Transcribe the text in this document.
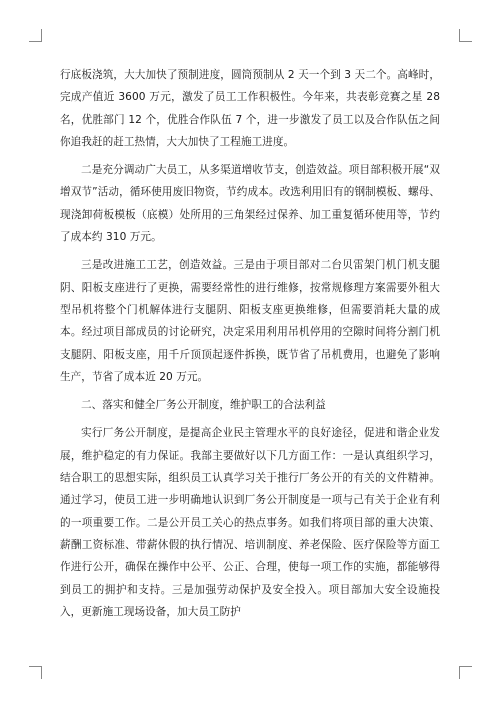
行底板浇筑，大大加快了预制进度，圆筒预制从 2 天一个到 3 天二个。高峰时，完成产值近 3600 万元，激发了员工工作积极性。今年来，共表彰竞赛之星 28 名，优胜部门 12 个，优胜合作队伍 7 个，进一步激发了员工以及合作队伍之间你追我赶的赶工热情，大大加快了工程施工进度。

二是充分调动广大员工，从多渠道增收节支，创造效益。项目部积极开展“双增双节”活动，循环使用废旧物资，节约成本。改选利用旧有的钢制模板、螺母、现浇卸荷板模板（底模）处所用的三角架经过保养、加工重复循环使用等，节约了成本约 310 万元。

三是改进施工工艺，创造效益。三是由于项目部对二台贝雷架门机门机支腿阴、阳板支座进行了更换，需要经常性的进行维修，按常规修理方案需要外租大型吊机将整个门机解体进行支腿阴、阳板支座更换维修，但需要消耗大量的成本。经过项目部成员的讨论研究，决定采用利用吊机停用的空隙时间将分割门机支腿阴、阳板支座，用千斤顶顶起逐件拆换，既节省了吊机费用，也避免了影响生产，节省了成本近 20 万元。

二、落实和健全厂务公开制度，维护职工的合法利益

实行厂务公开制度，是提高企业民主管理水平的良好途径，促进和谐企业发展，维护稳定的有力保证。我部主要做好以下几方面工作：一是认真组织学习，结合职工的思想实际，组织员工认真学习关于推行厂务公开的有关的文件精神。通过学习，使员工进一步明确地认识到厂务公开制度是一项与己有关于企业有利的一项重要工作。二是公开员工关心的热点事务。如我们将项目部的重大决策、薪酬工资标准、带薪休假的执行情况、培训制度、养老保险、医疗保险等方面工作进行公开，确保在操作中公平、公正、合理，使每一项工作的实施，都能够得到员工的拥护和支持。三是加强劳动保护及安全投入。项目部加大安全设施投入，更新施工现场设备，加大员工防护
